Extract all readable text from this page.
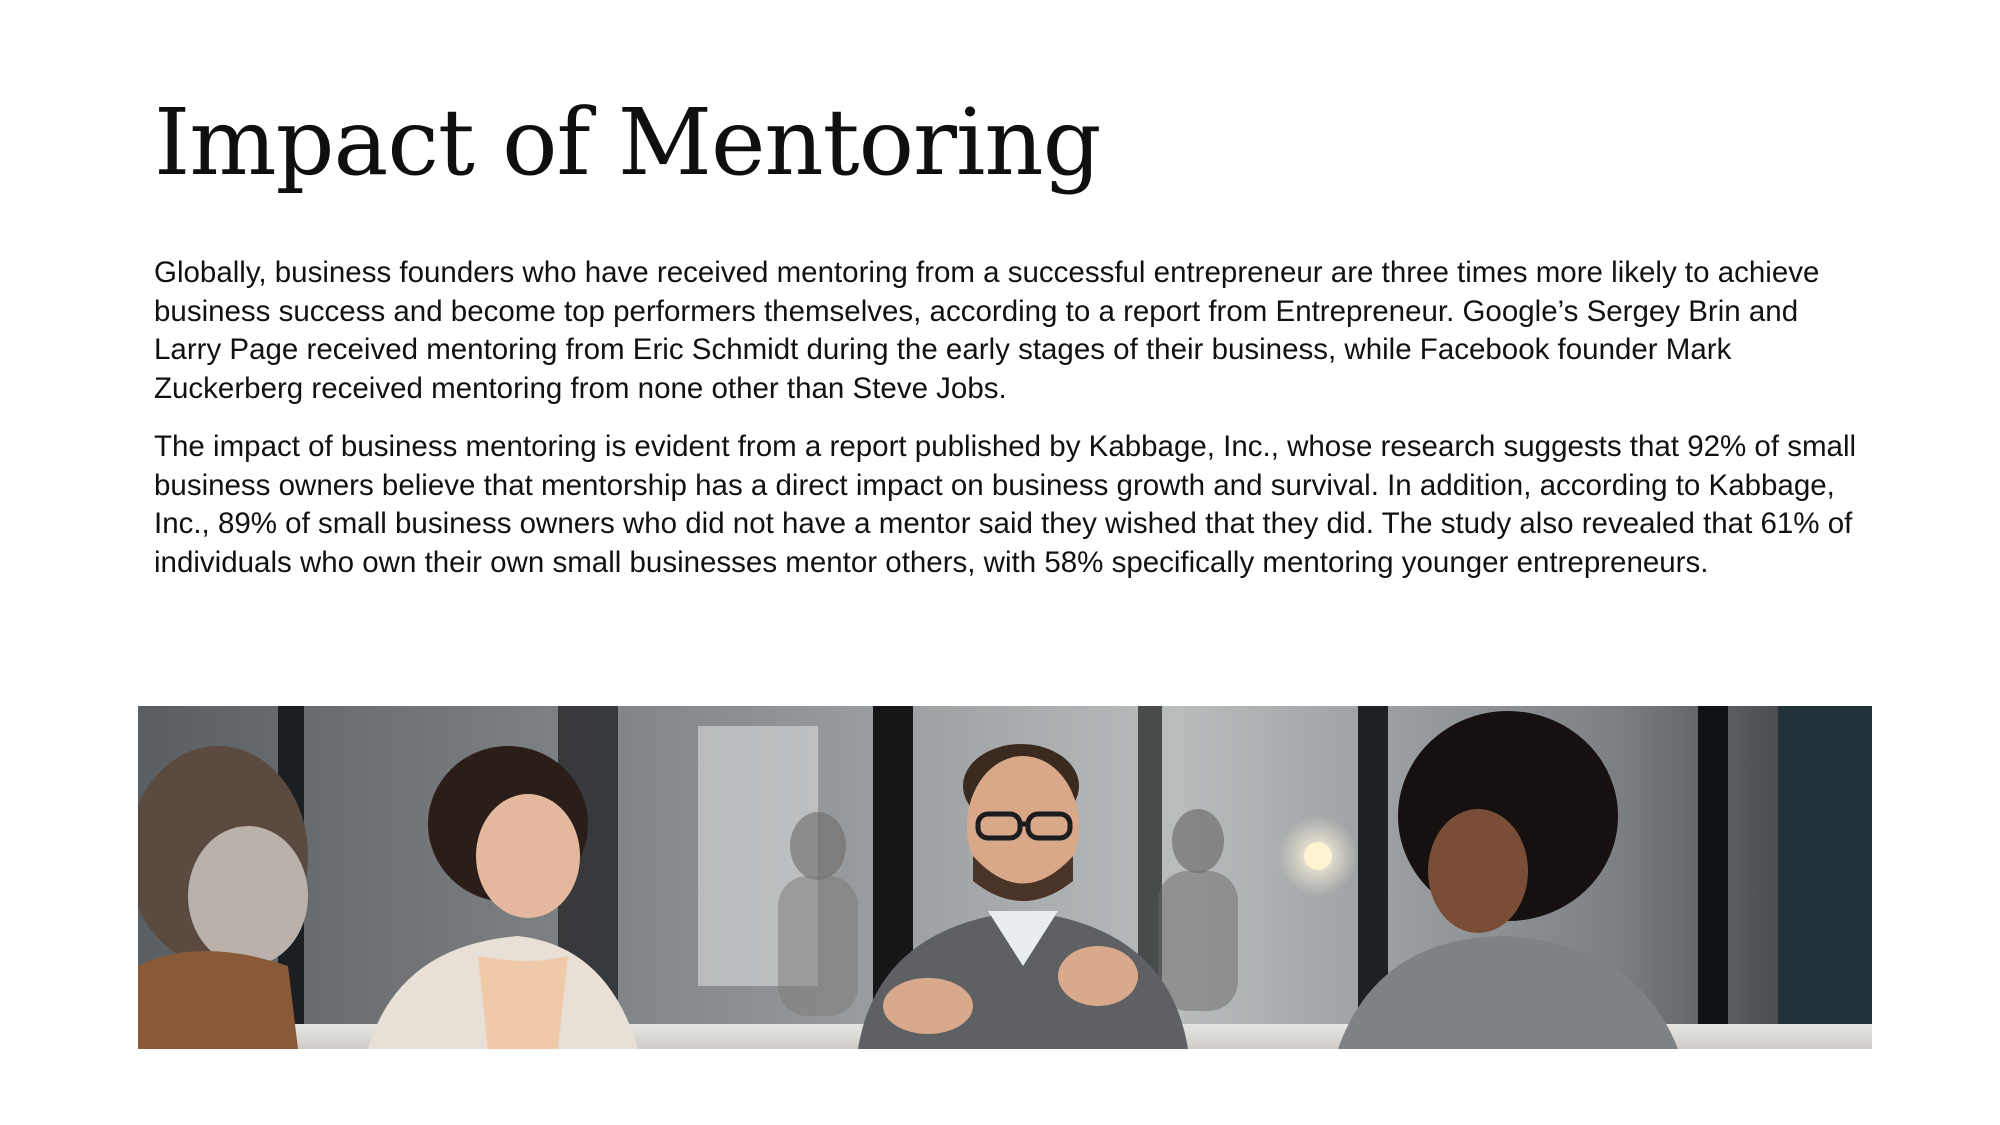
Impact of Mentoring

Globally, business founders who have received mentoring from a successful entrepreneur are three times more likely to achieve business success and become top performers themselves, according to a report from Entrepreneur. Google’s Sergey Brin and Larry Page received mentoring from Eric Schmidt during the early stages of their business, while Facebook founder Mark Zuckerberg received mentoring from none other than Steve Jobs.

The impact of business mentoring is evident from a report published by Kabbage, Inc., whose research suggests that 92% of small business owners believe that mentorship has a direct impact on business growth and survival. In addition, according to Kabbage, Inc., 89% of small business owners who did not have a mentor said they wished that they did. The study also revealed that 61% of individuals who own their own small businesses mentor others, with 58% specifically mentoring younger entrepreneurs.
